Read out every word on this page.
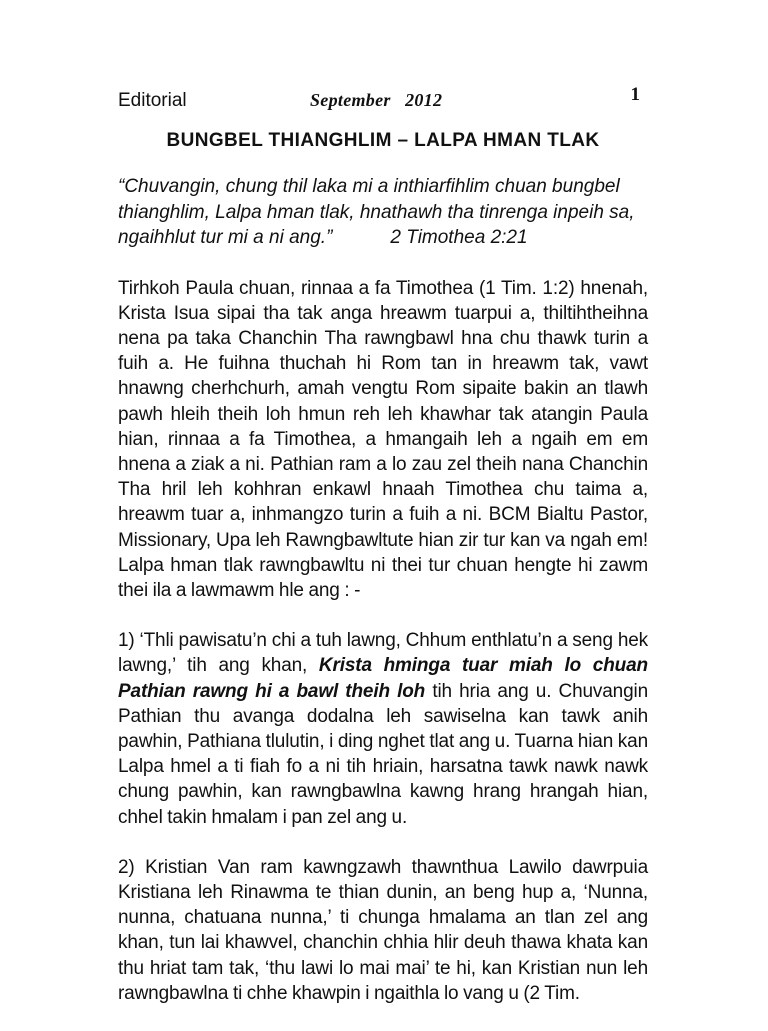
Editorial	September   2012	1
BUNGBEL THIANGHLIM – LALPA HMAN TLAK
“Chuvangin, chung thil laka mi a inthiarfihlim chuan bungbel thianghlim, Lalpa hman tlak, hnathawh tha tinrenga inpeih sa, ngaihhlut tur mi a ni ang.”	2 Timothea 2:21

Tirhkoh Paula chuan, rinnaa a fa Timothea (1 Tim. 1:2) hnenah, Krista Isua sipai tha tak anga hreawm tuarpui a, thiltihtheihna nena pa taka Chanchin Tha rawngbawl hna chu thawk turin a fuih a. He fuihna thuchah hi Rom tan in hreawm tak, vawt hnawng cherhchurh, amah vengtu Rom sipaite bakin an tlawh pawh hleih theih loh hmun reh leh khawhar tak atangin Paula hian, rinnaa a fa Timothea, a hmangaih leh a ngaih em em hnena a ziak a ni. Pathian ram a lo zau zel theih nana Chanchin Tha hril leh kohhran enkawl hnaah Timothea chu taima a, hreawm tuar a, inhmangzo turin a fuih a ni. BCM Bialtu Pastor, Missionary, Upa leh Rawngbawltute hian zir tur kan va ngah em! Lalpa hman tlak rawngbawltu ni thei tur chuan hengte hi zawm thei ila a lawmawm hle ang : -

1) ‘Thli pawisatu’n chi a tuh lawng, Chhum enthlatu’n a seng hek lawng,’ tih ang khan, Krista hminga tuar miah lo chuan Pathian rawng hi a bawl theih loh tih hria ang u. Chuvangin Pathian thu avanga dodalna leh sawiselna kan tawk anih pawhin, Pathiana tlulutin, i ding nghet tlat ang u. Tuarna hian kan Lalpa hmel a ti fiah fo a ni tih hriain, harsatna tawk nawk nawk chung pawhin, kan rawngbawlna kawng hrang hrangah hian, chhel takin hmalam i pan zel ang u.

2) Kristian Van ram kawngzawh thawnthua Lawilo dawrpuia Kristiana leh Rinawma te thian dunin, an beng hup a, ‘Nunna, nunna, chatuana nunna,’ ti chunga hmalama an tlan zel ang khan, tun lai khawvel, chanchin chhia hlir deuh thawa khata kan thu hriat tam tak, ‘thu lawi lo mai mai’ te hi, kan Kristian nun leh rawngbawlna ti chhe khawpin i ngaithla lo vang u (2 Tim.
